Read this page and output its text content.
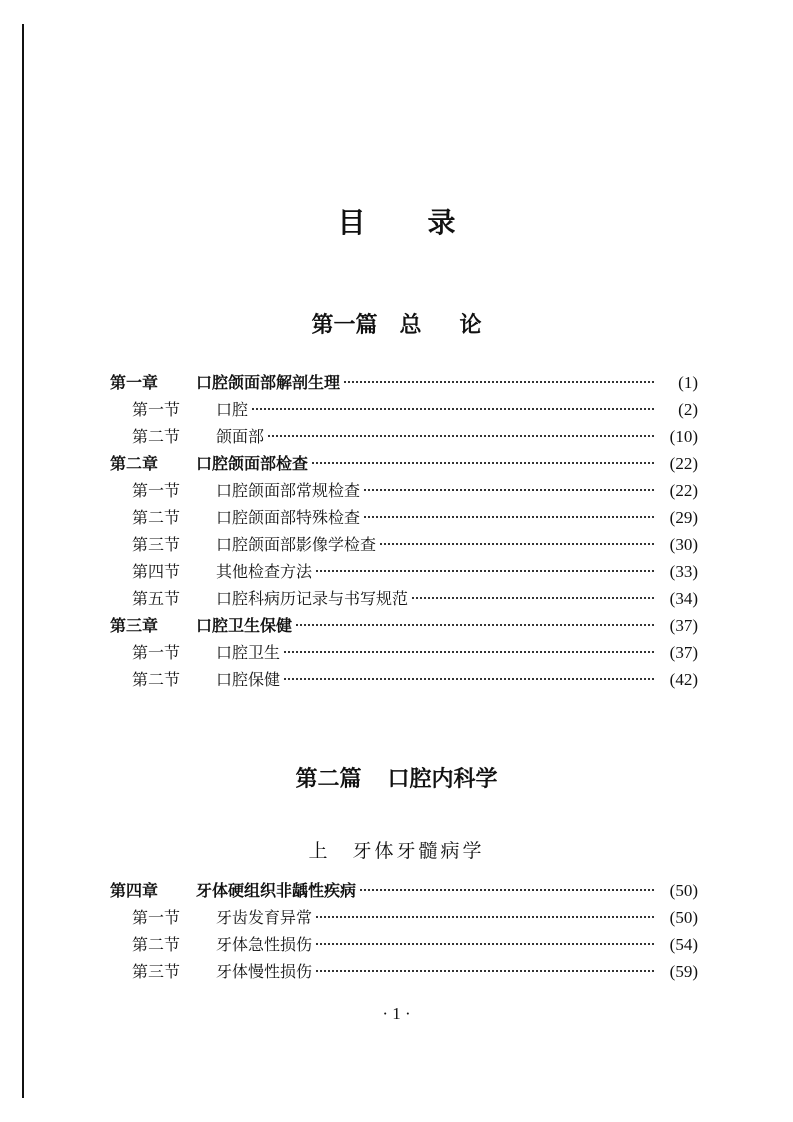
目 录
第一篇 总 论
第一章 口腔颌面部解剖生理	(1)
第一节 口腔	(2)
第二节 颌面部	(10)
第二章 口腔颌面部检查	(22)
第一节 口腔颌面部常规检查	(22)
第二节 口腔颌面部特殊检查	(29)
第三节 口腔颌面部影像学检查	(30)
第四节 其他检查方法	(33)
第五节 口腔科病历记录与书写规范	(34)
第三章 口腔卫生保健	(37)
第一节 口腔卫生	(37)
第二节 口腔保健	(42)
第二篇 口腔内科学
上　牙体牙髓病学
第四章 牙体硬组织非龋性疾病	(50)
第一节 牙齿发育异常	(50)
第二节 牙体急性损伤	(54)
第三节 牙体慢性损伤	(59)
· 1 ·
